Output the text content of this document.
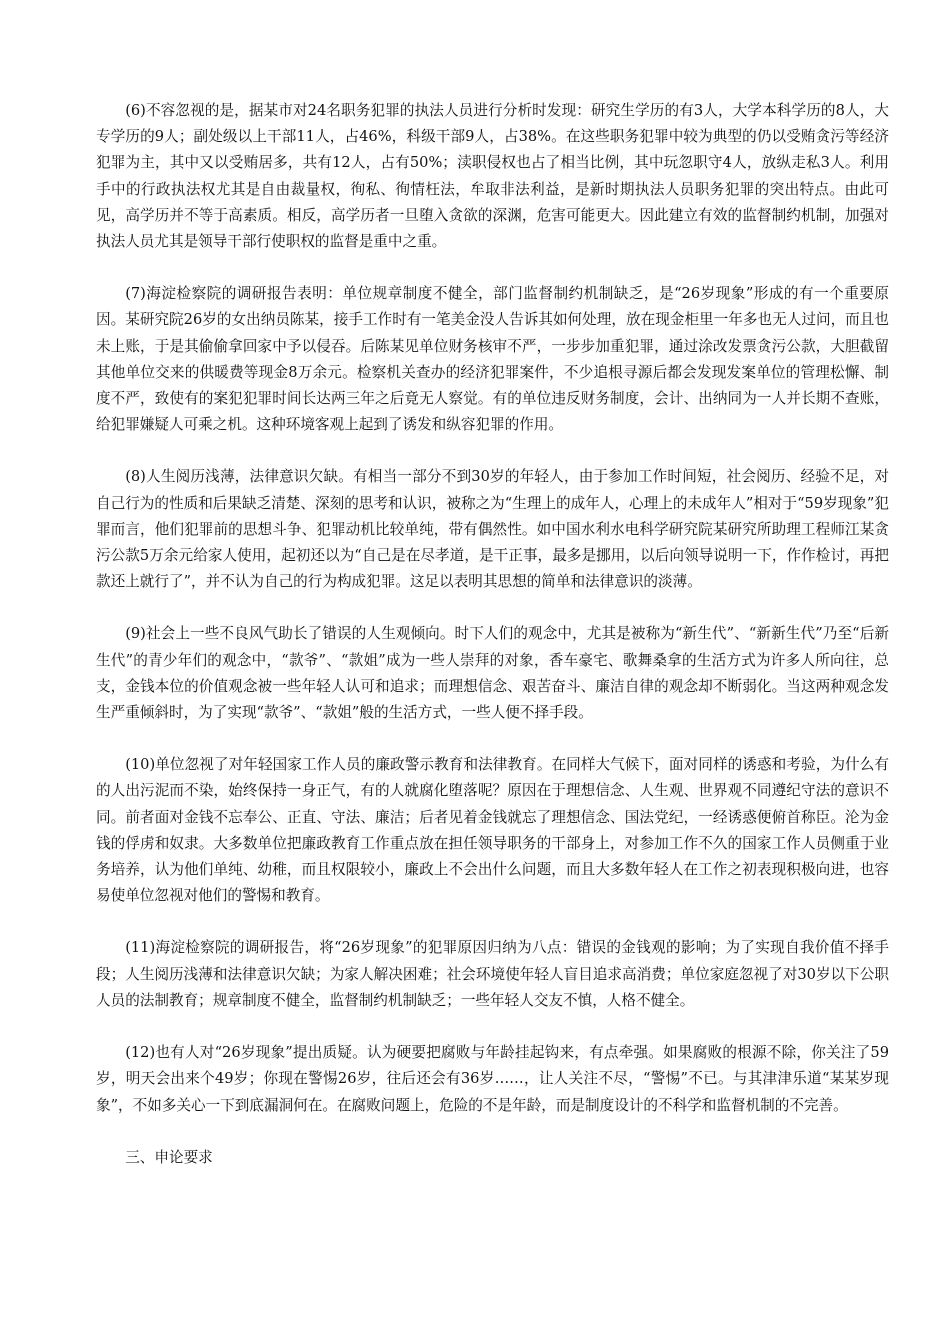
(6)不容忽视的是，据某市对24名职务犯罪的执法人员进行分析时发现：研究生学历的有3人，大学本科学历的8人，大专学历的9人；副处级以上干部11人，占46%，科级干部9人，占38%。在这些职务犯罪中较为典型的仍以受贿贪污等经济犯罪为主，其中又以受贿居多，共有12人，占有50%；渎职侵权也占了相当比例，其中玩忽职守4人，放纵走私3人。利用手中的行政执法权尤其是自由裁量权，徇私、徇情枉法，牟取非法利益，是新时期执法人员职务犯罪的突出特点。由此可见，高学历并不等于高素质。相反，高学历者一旦堕入贪欲的深渊，危害可能更大。因此建立有效的监督制约机制，加强对执法人员尤其是领导干部行使职权的监督是重中之重。

(7)海淀检察院的调研报告表明：单位规章制度不健全，部门监督制约机制缺乏，是“26岁现象”形成的有一个重要原因。某研究院26岁的女出纳员陈某，接手工作时有一笔美金没人告诉其如何处理，放在现金柜里一年多也无人过问，而且也未上账，于是其偷偷拿回家中予以侵吞。后陈某见单位财务核审不严，一步步加重犯罪，通过涂改发票贪污公款，大胆截留其他单位交来的供暖费等现金8万余元。检察机关查办的经济犯罪案件，不少追根寻源后都会发现发案单位的管理松懈、制度不严，致使有的案犯犯罪时间长达两三年之后竟无人察觉。有的单位违反财务制度，会计、出纳同为一人并长期不查账，给犯罪嫌疑人可乘之机。这种环境客观上起到了诱发和纵容犯罪的作用。

(8)人生阅历浅薄，法律意识欠缺。有相当一部分不到30岁的年轻人，由于参加工作时间短，社会阅历、经验不足，对自己行为的性质和后果缺乏清楚、深刻的思考和认识，被称之为“生理上的成年人，心理上的未成年人”相对于“59岁现象”犯罪而言，他们犯罪前的思想斗争、犯罪动机比较单纯，带有偶然性。如中国水利水电科学研究院某研究所助理工程师江某贪污公款5万余元给家人使用，起初还以为“自己是在尽孝道，是干正事，最多是挪用，以后向领导说明一下，作作检讨，再把款还上就行了”，并不认为自己的行为构成犯罪。这足以表明其思想的简单和法律意识的淡薄。

(9)社会上一些不良风气助长了错误的人生观倾向。时下人们的观念中，尤其是被称为“新生代”、“新新生代”乃至“后新生代”的青少年们的观念中，“款爷”、“款姐”成为一些人崇拜的对象，香车豪宅、歌舞桑拿的生活方式为许多人所向往，总支，金钱本位的价值观念被一些年轻人认可和追求；而理想信念、艰苦奋斗、廉洁自律的观念却不断弱化。当这两种观念发生严重倾斜时，为了实现“款爷”、“款姐”般的生活方式，一些人便不择手段。

(10)单位忽视了对年轻国家工作人员的廉政警示教育和法律教育。在同样大气候下，面对同样的诱惑和考验，为什么有的人出污泥而不染，始终保持一身正气，有的人就腐化堕落呢？原因在于理想信念、人生观、世界观不同遵纪守法的意识不同。前者面对金钱不忘奉公、正直、守法、廉洁；后者见着金钱就忘了理想信念、国法党纪，一经诱惑便俯首称臣。沦为金钱的俘虏和奴隶。大多数单位把廉政教育工作重点放在担任领导职务的干部身上，对参加工作不久的国家工作人员侧重于业务培养，认为他们单纯、幼稚，而且权限较小，廉政上不会出什么问题，而且大多数年轻人在工作之初表现积极向进，也容易使单位忽视对他们的警惕和教育。

(11)海淀检察院的调研报告，将“26岁现象”的犯罪原因归纳为八点：错误的金钱观的影响；为了实现自我价值不择手段；人生阅历浅薄和法律意识欠缺；为家人解决困难；社会环境使年轻人盲目追求高消费；单位家庭忽视了对30岁以下公职人员的法制教育；规章制度不健全，监督制约机制缺乏；一些年轻人交友不慎，人格不健全。

(12)也有人对“26岁现象”提出质疑。认为硬要把腐败与年龄挂起钩来，有点牵强。如果腐败的根源不除，你关注了59岁，明天会出来个49岁；你现在警惕26岁，往后还会有36岁……，让人关注不尽，“警惕”不已。与其津津乐道“某某岁现象”，不如多关心一下到底漏洞何在。在腐败问题上，危险的不是年龄，而是制度设计的不科学和监督机制的不完善。

三、申论要求
